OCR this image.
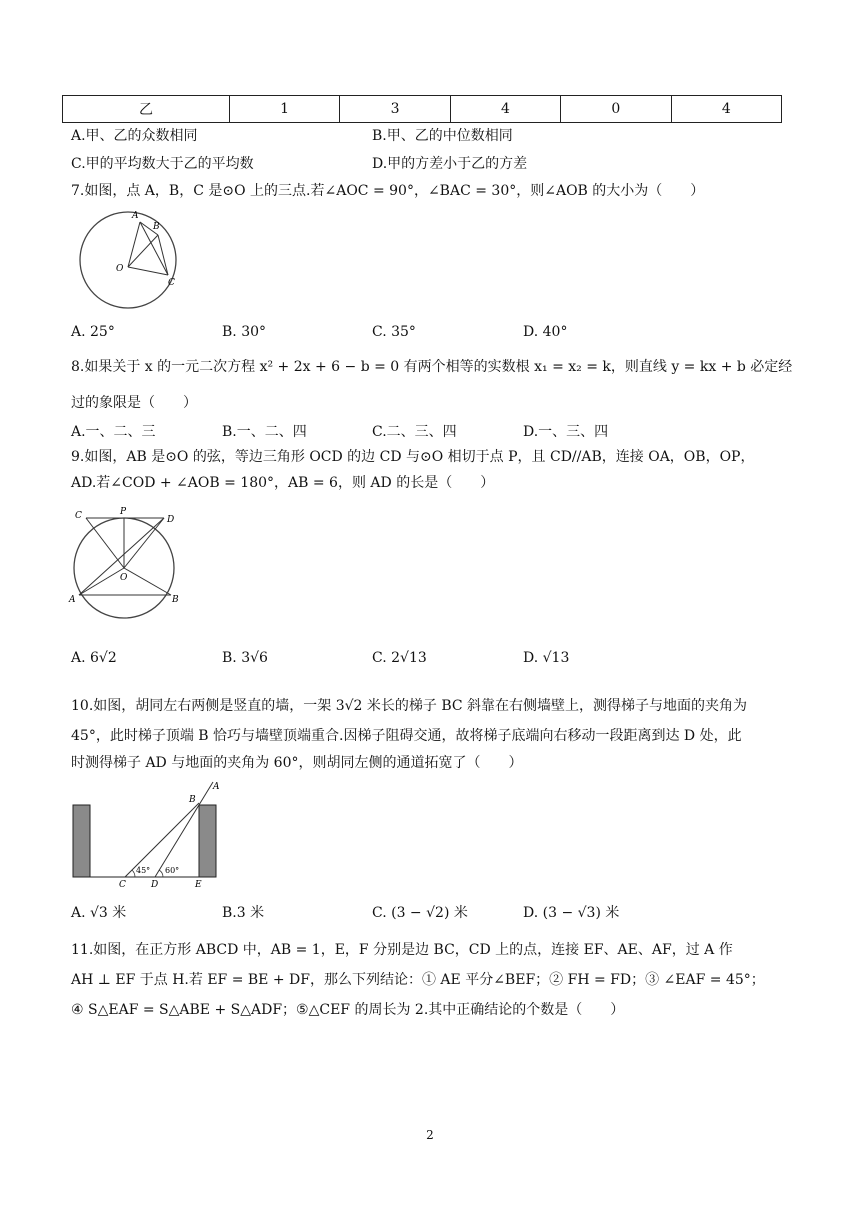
乙	1	3	4	0	4
A.甲、乙的众数相同	B.甲、乙的中位数相同
C.甲的平均数大于乙的平均数	D.甲的方差小于乙的方差
7.如图，点 A，B，C 是⊙O 上的三点.若∠AOC = 90°，∠BAC = 30°，则∠AOB 的大小为（　　）
A
B
O
C
A. 25°	B. 30°	C. 35°	D. 40°
8.如果关于 x 的一元二次方程 x² + 2x + 6 − b = 0 有两个相等的实数根 x₁ = x₂ = k，则直线 y = kx + b 必定经
过的象限是（　　）
A.一、二、三	B.一、二、四	C.二、三、四	D.一、三、四
9.如图，AB 是⊙O 的弦，等边三角形 OCD 的边 CD 与⊙O 相切于点 P，且 CD//AB，连接 OA，OB，OP，
AD.若∠COD + ∠AOB = 180°，AB = 6，则 AD 的长是（　　）
C	P
D
O
A	B
A. 6√2	B. 3√6	C. 2√13	D. √13
10.如图，胡同左右两侧是竖直的墙，一架 3√2 米长的梯子 BC 斜靠在右侧墙壁上，测得梯子与地面的夹角为
45°，此时梯子顶端 B 恰巧与墙壁顶端重合.因梯子阻碍交通，故将梯子底端向右移动一段距离到达 D 处，此
时测得梯子 AD 与地面的夹角为 60°，则胡同左侧的通道拓宽了（　　）
A
B
C	D	E
45° 60°
A. √3 米	B.3 米	C. (3 − √2) 米	D. (3 − √3) 米
11.如图，在正方形 ABCD 中，AB = 1，E，F 分别是边 BC，CD 上的点，连接 EF、AE、AF，过 A 作
AH ⊥ EF 于点 H.若 EF = BE + DF，那么下列结论：① AE 平分∠BEF；② FH = FD；③ ∠EAF = 45°；
④ S△EAF = S△ABE + S△ADF；⑤△CEF 的周长为 2.其中正确结论的个数是（　　）
2
